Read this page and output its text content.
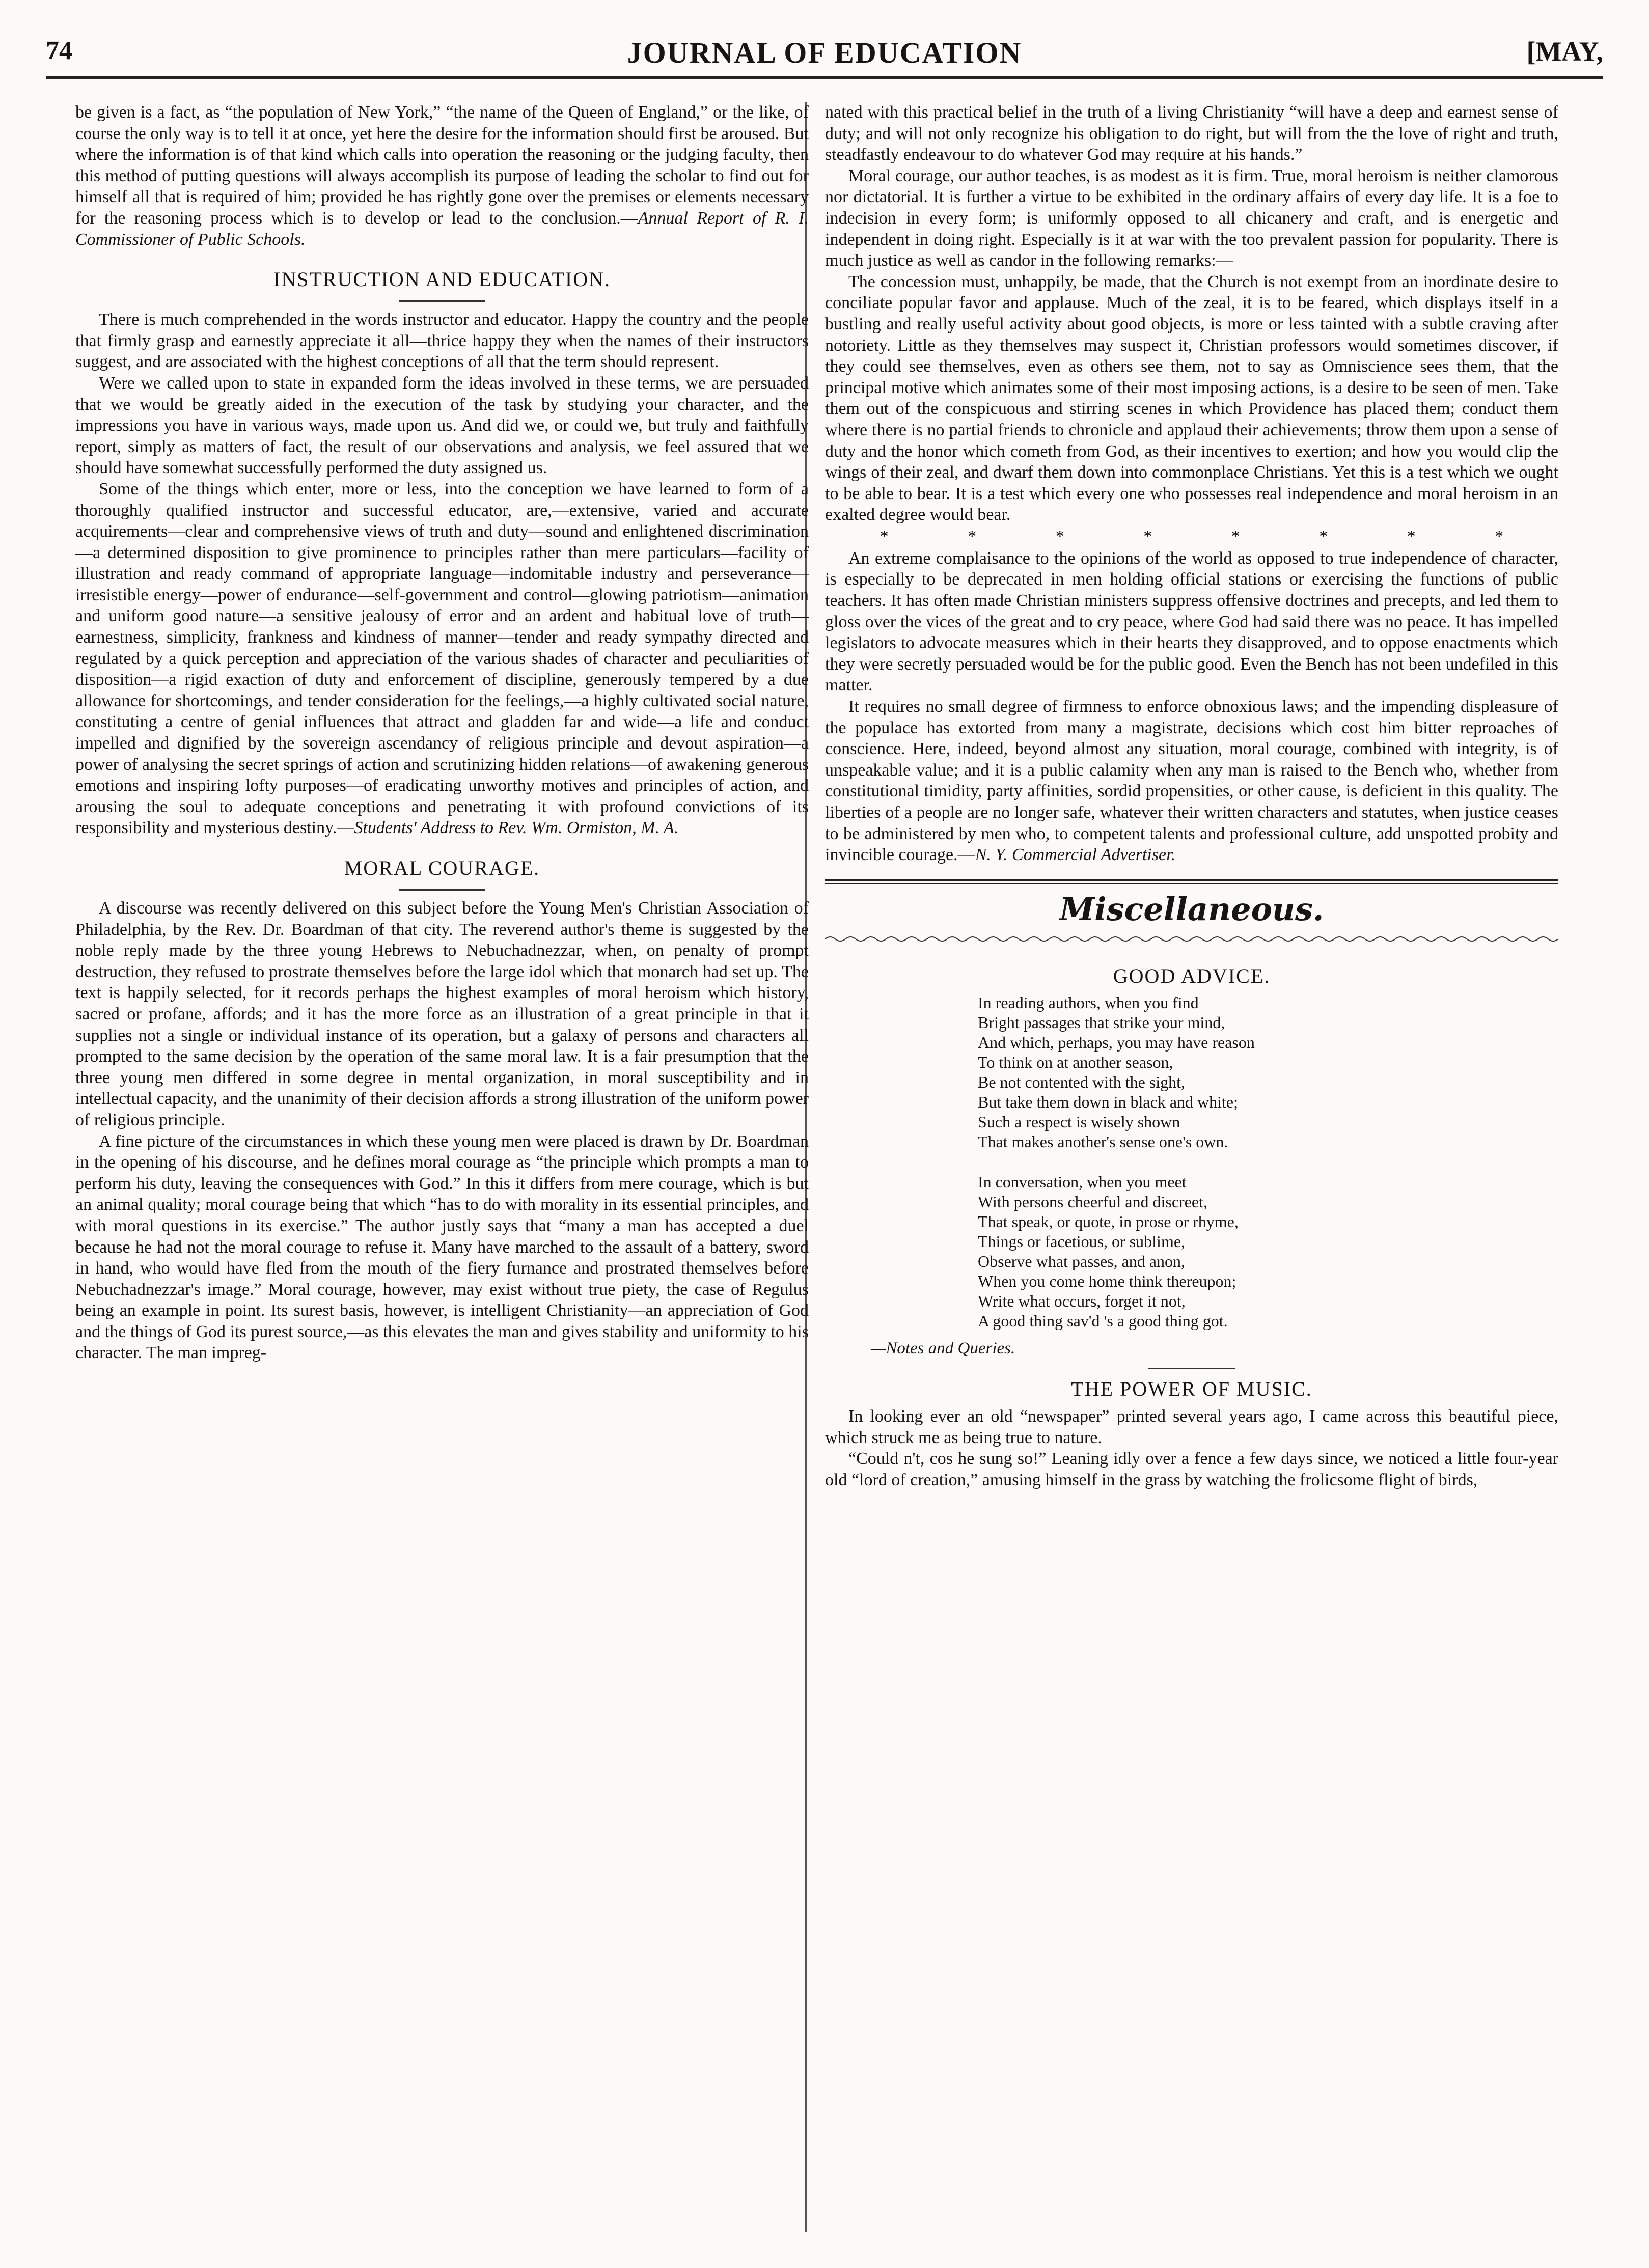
74	JOURNAL OF EDUCATION	[MAY,

be given is a fact, as “the population of New York,” “the name of the Queen of England,” or the like, of course the only way is to tell it at once, yet here the desire for the information should first be aroused. But where the information is of that kind which calls into operation the reasoning or the judging faculty, then this method of putting questions will always accomplish its purpose of leading the scholar to find out for himself all that is required of him; provided he has rightly gone over the premises or elements necessary for the reasoning process which is to develop or lead to the conclusion.—Annual Report of R. I. Commissioner of Public Schools.

INSTRUCTION AND EDUCATION.

There is much comprehended in the words instructor and educator. Happy the country and the people that firmly grasp and earnestly appreciate it all—thrice happy they when the names of their instructors suggest, and are associated with the highest conceptions of all that the term should represent.

Were we called upon to state in expanded form the ideas involved in these terms, we are persuaded that we would be greatly aided in the execution of the task by studying your character, and the impressions you have in various ways, made upon us. And did we, or could we, but truly and faithfully report, simply as matters of fact, the result of our observations and analysis, we feel assured that we should have somewhat successfully performed the duty assigned us.

Some of the things which enter, more or less, into the conception we have learned to form of a thoroughly qualified instructor and successful educator, are,—extensive, varied and accurate acquirements—clear and comprehensive views of truth and duty—sound and enlightened discrimination—a determined disposition to give prominence to principles rather than mere particulars—facility of illustration and ready command of appropriate language—indomitable industry and perseverance—irresistible energy—power of endurance—self-government and control—glowing patriotism—animation and uniform good nature—a sensitive jealousy of error and an ardent and habitual love of truth—earnestness, simplicity, frankness and kindness of manner—tender and ready sympathy directed and regulated by a quick perception and appreciation of the various shades of character and peculiarities of disposition—a rigid exaction of duty and enforcement of discipline, generously tempered by a due allowance for shortcomings, and tender consideration for the feelings,—a highly cultivated social nature, constituting a centre of genial influences that attract and gladden far and wide—a life and conduct impelled and dignified by the sovereign ascendancy of religious principle and devout aspiration—a power of analysing the secret springs of action and scrutinizing hidden relations—of awakening generous emotions and inspiring lofty purposes—of eradicating unworthy motives and principles of action, and arousing the soul to adequate conceptions and penetrating it with profound convictions of its responsibility and mysterious destiny.—Students' Address to Rev. Wm. Ormiston, M. A.

MORAL COURAGE.

A discourse was recently delivered on this subject before the Young Men's Christian Association of Philadelphia, by the Rev. Dr. Boardman of that city. The reverend author's theme is suggested by the noble reply made by the three young Hebrews to Nebuchadnezzar, when, on penalty of prompt destruction, they refused to prostrate themselves before the large idol which that monarch had set up. The text is happily selected, for it records perhaps the highest examples of moral heroism which history, sacred or profane, affords; and it has the more force as an illustration of a great principle in that it supplies not a single or individual instance of its operation, but a galaxy of persons and characters all prompted to the same decision by the operation of the same moral law. It is a fair presumption that the three young men differed in some degree in mental organization, in moral susceptibility and in intellectual capacity, and the unanimity of their decision affords a strong illustration of the uniform power of religious principle.

A fine picture of the circumstances in which these young men were placed is drawn by Dr. Boardman in the opening of his discourse, and he defines moral courage as “the principle which prompts a man to perform his duty, leaving the consequences with God.” In this it differs from mere courage, which is but an animal quality; moral courage being that which “has to do with morality in its essential principles, and with moral questions in its exercise.” The author justly says that “many a man has accepted a duel because he had not the moral courage to refuse it. Many have marched to the assault of a battery, sword in hand, who would have fled from the mouth of the fiery furnance and prostrated themselves before Nebuchadnezzar's image.” Moral courage, however, may exist without true piety, the case of Regulus being an example in point. Its surest basis, however, is intelligent Christianity—an appreciation of God and the things of God its purest source,—as this elevates the man and gives stability and uniformity to his character. The man impreg-

nated with this practical belief in the truth of a living Christianity “will have a deep and earnest sense of duty; and will not only recognize his obligation to do right, but will from the the love of right and truth, steadfastly endeavour to do whatever God may require at his hands.”

Moral courage, our author teaches, is as modest as it is firm. True, moral heroism is neither clamorous nor dictatorial. It is further a virtue to be exhibited in the ordinary affairs of every day life. It is a foe to indecision in every form; is uniformly opposed to all chicanery and craft, and is energetic and independent in doing right. Especially is it at war with the too prevalent passion for popularity. There is much justice as well as candor in the following remarks:—

The concession must, unhappily, be made, that the Church is not exempt from an inordinate desire to conciliate popular favor and applause. Much of the zeal, it is to be feared, which displays itself in a bustling and really useful activity about good objects, is more or less tainted with a subtle craving after notoriety. Little as they themselves may suspect it, Christian professors would sometimes discover, if they could see themselves, even as others see them, not to say as Omniscience sees them, that the principal motive which animates some of their most imposing actions, is a desire to be seen of men. Take them out of the conspicuous and stirring scenes in which Providence has placed them; conduct them where there is no partial friends to chronicle and applaud their achievements; throw them upon a sense of duty and the honor which cometh from God, as their incentives to exertion; and how you would clip the wings of their zeal, and dwarf them down into commonplace Christians. Yet this is a test which we ought to be able to bear. It is a test which every one who possesses real independence and moral heroism in an exalted degree would bear.

*	*	*	*	*	*	*	*

An extreme complaisance to the opinions of the world as opposed to true independence of character, is especially to be deprecated in men holding official stations or exercising the functions of public teachers. It has often made Christian ministers suppress offensive doctrines and precepts, and led them to gloss over the vices of the great and to cry peace, where God had said there was no peace. It has impelled legislators to advocate measures which in their hearts they disapproved, and to oppose enactments which they were secretly persuaded would be for the public good. Even the Bench has not been undefiled in this matter.

It requires no small degree of firmness to enforce obnoxious laws; and the impending displeasure of the populace has extorted from many a magistrate, decisions which cost him bitter reproaches of conscience. Here, indeed, beyond almost any situation, moral courage, combined with integrity, is of unspeakable value; and it is a public calamity when any man is raised to the Bench who, whether from constitutional timidity, party affinities, sordid propensities, or other cause, is deficient in this quality. The liberties of a people are no longer safe, whatever their written characters and statutes, when justice ceases to be administered by men who, to competent talents and professional culture, add unspotted probity and invincible courage.—N. Y. Commercial Advertiser.

Miscellaneous.
GOOD ADVICE.
In reading authors, when you find
Bright passages that strike your mind,
And which, perhaps, you may have reason
To think on at another season,
Be not contented with the sight,
But take them down in black and white;
Such a respect is wisely shown
That makes another's sense one's own.
In conversation, when you meet
With persons cheerful and discreet,
That speak, or quote, in prose or rhyme,
Things or facetious, or sublime,
Observe what passes, and anon,
When you come home think thereupon;
Write what occurs, forget it not,
A good thing sav'd 's a good thing got.
—Notes and Queries.
THE POWER OF MUSIC.

In looking ever an old “newspaper” printed several years ago, I came across this beautiful piece, which struck me as being true to nature.

“Could n't, cos he sung so!” Leaning idly over a fence a few days since, we noticed a little four-year old “lord of creation,” amusing himself in the grass by watching the frolicsome flight of birds,
